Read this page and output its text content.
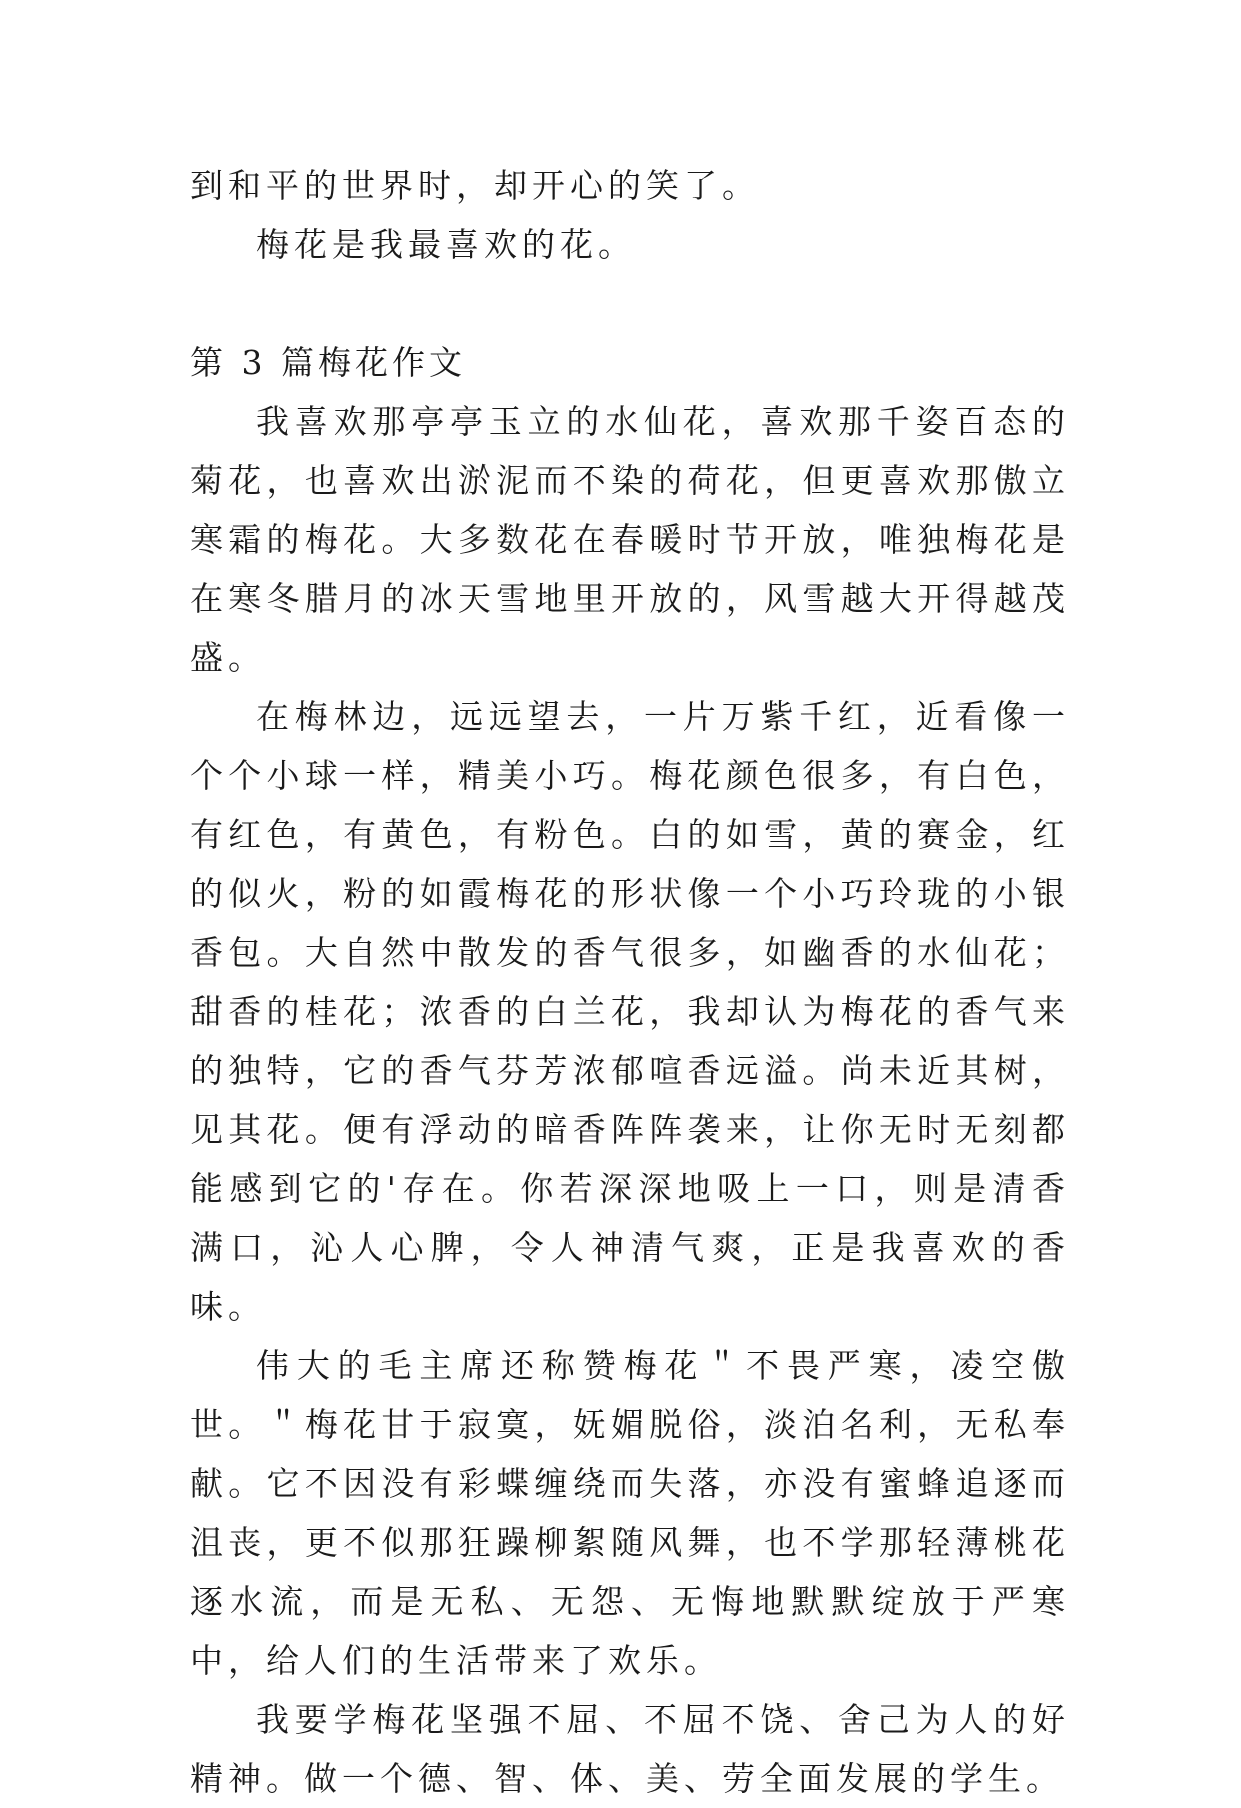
到和平的世界时，却开心的笑了。

梅花是我最喜欢的花。

第 3 篇梅花作文

我喜欢那亭亭玉立的水仙花，喜欢那千姿百态的菊花，也喜欢出淤泥而不染的荷花，但更喜欢那傲立寒霜的梅花。大多数花在春暖时节开放，唯独梅花是在寒冬腊月的冰天雪地里开放的，风雪越大开得越茂盛。

在梅林边，远远望去，一片万紫千红，近看像一个个小球一样，精美小巧。梅花颜色很多，有白色，有红色，有黄色，有粉色。白的如雪，黄的赛金，红的似火，粉的如霞梅花的形状像一个小巧玲珑的小银香包。大自然中散发的香气很多，如幽香的水仙花；甜香的桂花；浓香的白兰花，我却认为梅花的香气来的独特，它的香气芬芳浓郁喧香远溢。尚未近其树，见其花。便有浮动的暗香阵阵袭来，让你无时无刻都能感到它的'存在。你若深深地吸上一口，则是清香满口，沁人心脾，令人神清气爽，正是我喜欢的香味。

伟大的毛主席还称赞梅花＂不畏严寒，凌空傲世。＂梅花甘于寂寞，妩媚脱俗，淡泊名利，无私奉献。它不因没有彩蝶缠绕而失落，亦没有蜜蜂追逐而沮丧，更不似那狂躁柳絮随风舞，也不学那轻薄桃花逐水流，而是无私、无怨、无悔地默默绽放于严寒中，给人们的生活带来了欢乐。

我要学梅花坚强不屈、不屈不饶、舍己为人的好精神。做一个德、智、体、美、劳全面发展的学生。
